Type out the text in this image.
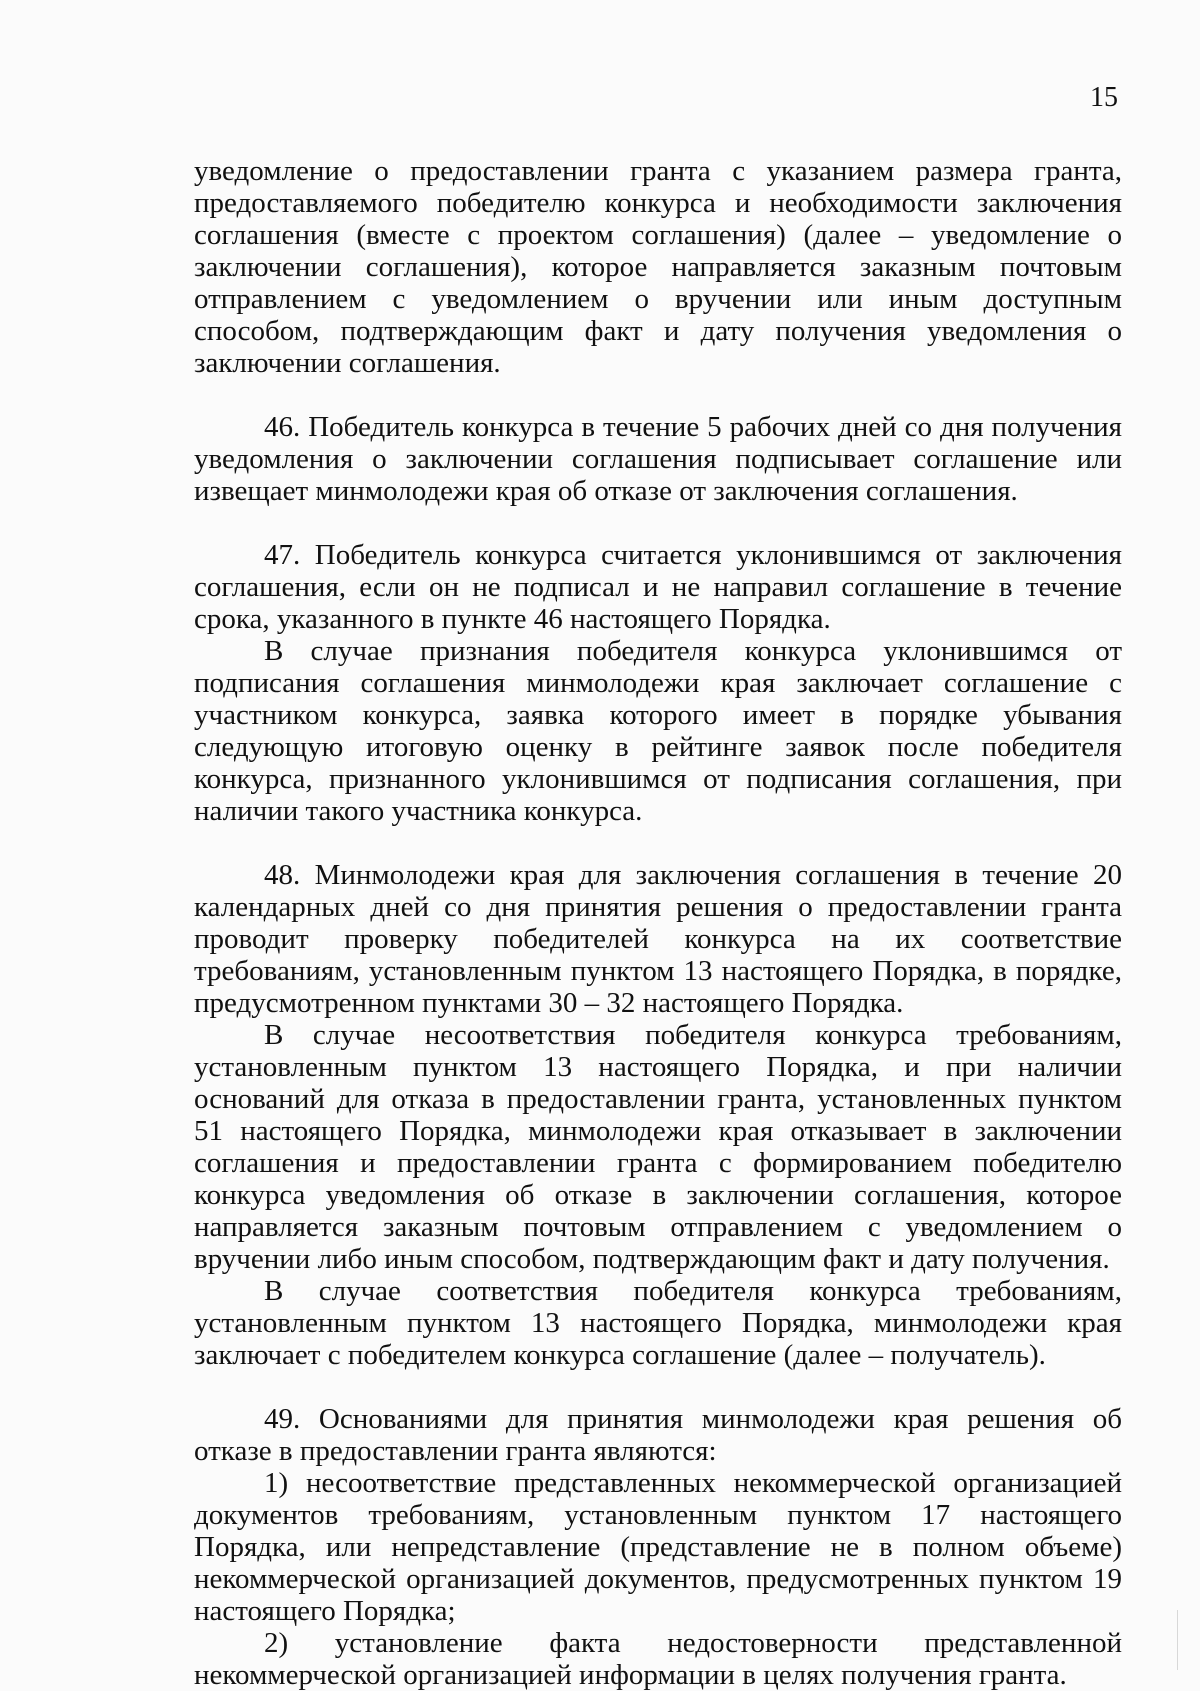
15

уведомление о предоставлении гранта с указанием размера гранта, предоставляемого победителю конкурса и необходимости заключения соглашения (вместе с проектом соглашения) (далее – уведомление о заключении соглашения), которое направляется заказным почтовым отправлением с уведомлением о вручении или иным доступным способом, подтверждающим факт и дату получения уведомления о заключении соглашения.

46. Победитель конкурса в течение 5 рабочих дней со дня получения уведомления о заключении соглашения подписывает соглашение или извещает минмолодежи края об отказе от заключения соглашения.

47. Победитель конкурса считается уклонившимся от заключения соглашения, если он не подписал и не направил соглашение в течение срока, указанного в пункте 46 настоящего Порядка.

В случае признания победителя конкурса уклонившимся от подписания соглашения минмолодежи края заключает соглашение с участником конкурса, заявка которого имеет в порядке убывания следующую итоговую оценку в рейтинге заявок после победителя конкурса, признанного уклонившимся от подписания соглашения, при наличии такого участника конкурса.

48. Минмолодежи края для заключения соглашения в течение 20 календарных дней со дня принятия решения о предоставлении гранта проводит проверку победителей конкурса на их соответствие требованиям, установленным пунктом 13 настоящего Порядка, в порядке, предусмотренном пунктами 30 – 32 настоящего Порядка.

В случае несоответствия победителя конкурса требованиям, установленным пунктом 13 настоящего Порядка, и при наличии оснований для отказа в предоставлении гранта, установленных пунктом 51 настоящего Порядка, минмолодежи края отказывает в заключении соглашения и предоставлении гранта с формированием победителю конкурса уведомления об отказе в заключении соглашения, которое направляется заказным почтовым отправлением с уведомлением о вручении либо иным способом, подтверждающим факт и дату получения.

В случае соответствия победителя конкурса требованиям, установленным пунктом 13 настоящего Порядка, минмолодежи края заключает с победителем конкурса соглашение (далее – получатель).

49. Основаниями для принятия минмолодежи края решения об отказе в предоставлении гранта являются:

1) несоответствие представленных некоммерческой организацией документов требованиям, установленным пунктом 17 настоящего Порядка, или непредставление (представление не в полном объеме) некоммерческой организацией документов, предусмотренных пунктом 19 настоящего Порядка;

2) установление факта недостоверности представленной некоммерческой организацией информации в целях получения гранта.
